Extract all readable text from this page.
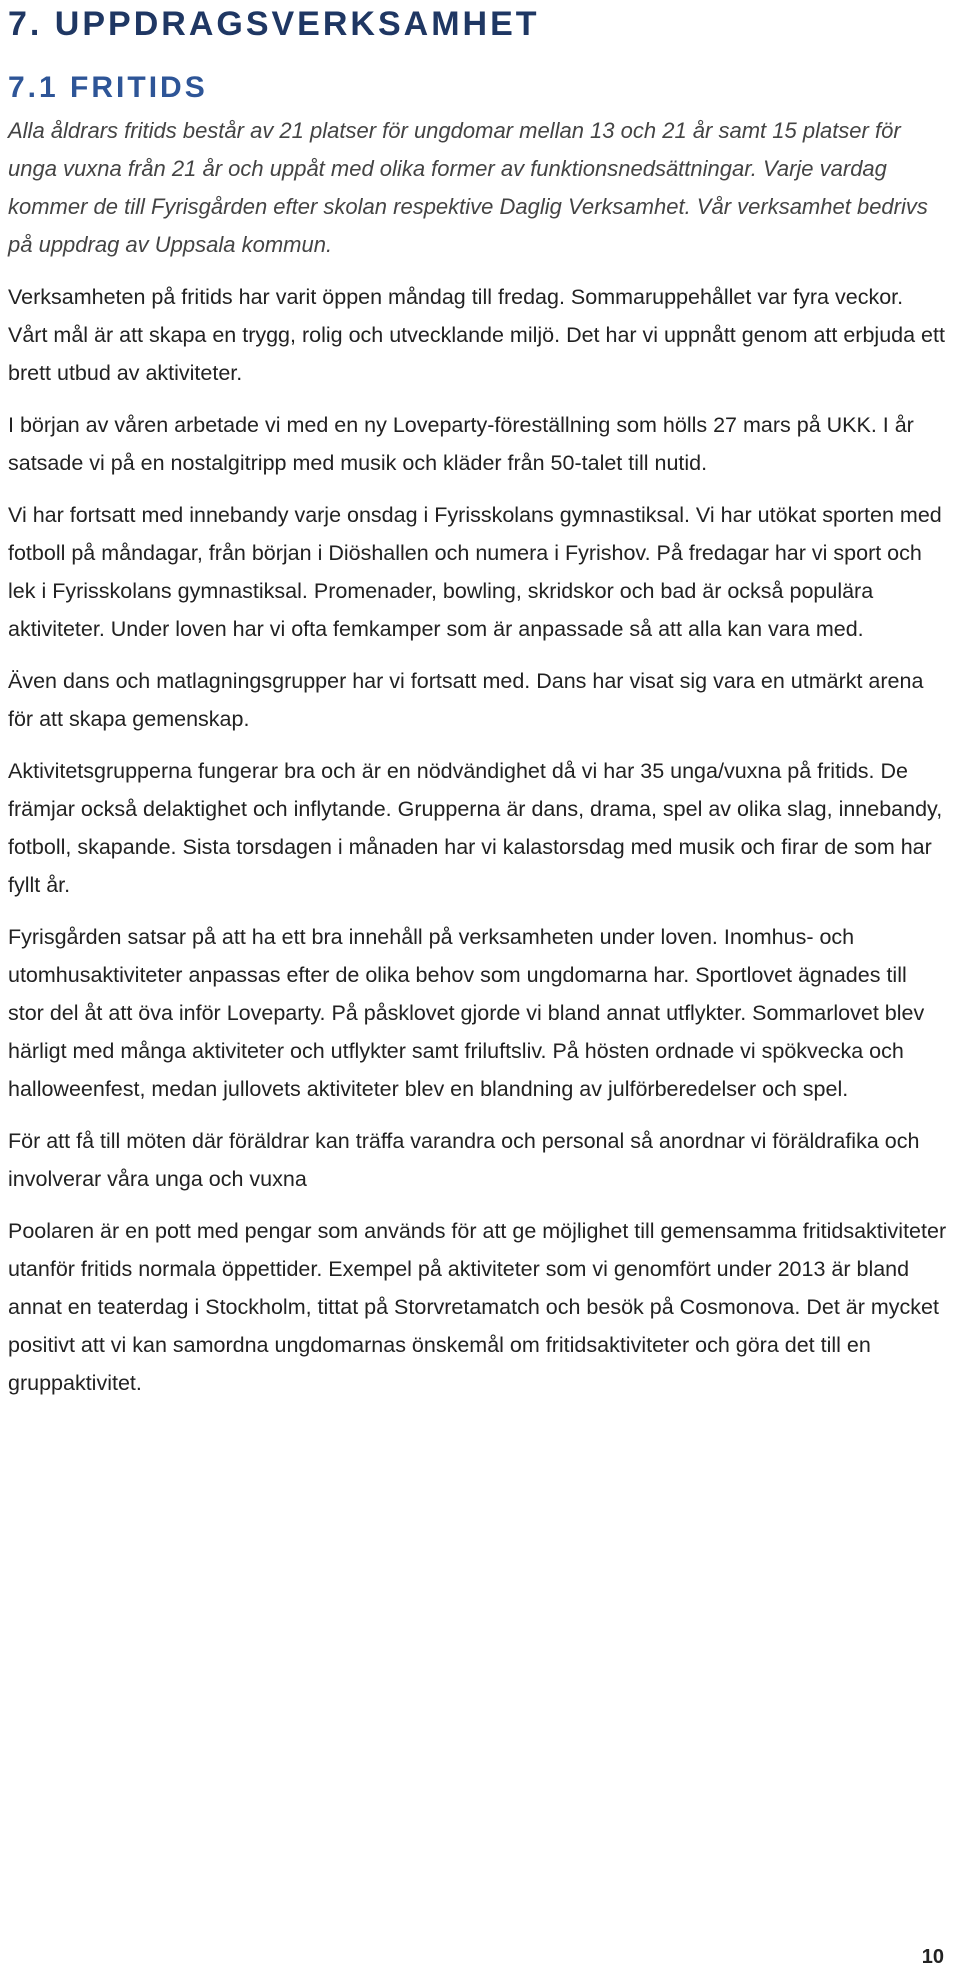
7. UPPDRAGSVERKSAMHET
7.1 FRITIDS

Alla åldrars fritids består av 21 platser för ungdomar mellan 13 och 21 år samt 15 platser för unga vuxna från 21 år och uppåt med olika former av funktionsnedsättningar. Varje vardag kommer de till Fyrisgården efter skolan respektive Daglig Verksamhet. Vår verksamhet bedrivs på uppdrag av Uppsala kommun.

Verksamheten på fritids har varit öppen måndag till fredag. Sommaruppehållet var fyra veckor. Vårt mål är att skapa en trygg, rolig och utvecklande miljö. Det har vi uppnått genom att erbjuda ett brett utbud av aktiviteter.

I början av våren arbetade vi med en ny Loveparty-föreställning som hölls 27 mars på UKK. I år satsade vi på en nostalgitripp med musik och kläder från 50-talet till nutid.

Vi har fortsatt med innebandy varje onsdag i Fyrisskolans gymnastiksal. Vi har utökat sporten med fotboll på måndagar, från början i Diöshallen och numera i Fyrishov. På fredagar har vi sport och lek i Fyrisskolans gymnastiksal. Promenader, bowling, skridskor och bad är också populära aktiviteter. Under loven har vi ofta femkamper som är anpassade så att alla kan vara med.

Även dans och matlagningsgrupper har vi fortsatt med. Dans har visat sig vara en utmärkt arena för att skapa gemenskap.

Aktivitetsgrupperna fungerar bra och är en nödvändighet då vi har 35 unga/vuxna på fritids. De främjar också delaktighet och inflytande. Grupperna är dans, drama, spel av olika slag, innebandy, fotboll, skapande. Sista torsdagen i månaden har vi kalastorsdag med musik och firar de som har fyllt år.

Fyrisgården satsar på att ha ett bra innehåll på verksamheten under loven. Inomhus- och utomhusaktiviteter anpassas efter de olika behov som ungdomarna har. Sportlovet ägnades till stor del åt att öva inför Loveparty. På påsklovet gjorde vi bland annat utflykter. Sommarlovet blev härligt med många aktiviteter och utflykter samt friluftsliv. På hösten ordnade vi spökvecka och halloweenfest, medan jullovets aktiviteter blev en blandning av julförberedelser och spel.

För att få till möten där föräldrar kan träffa varandra och personal så anordnar vi föräldrafika och involverar våra unga och vuxna

Poolaren är en pott med pengar som används för att ge möjlighet till gemensamma fritidsaktiviteter utanför fritids normala öppettider. Exempel på aktiviteter som vi genomfört under 2013 är bland annat en teaterdag i Stockholm, tittat på Storvretamatch och besök på Cosmonova. Det är mycket positivt att vi kan samordna ungdomarnas önskemål om fritidsaktiviteter och göra det till en gruppaktivitet.

10
